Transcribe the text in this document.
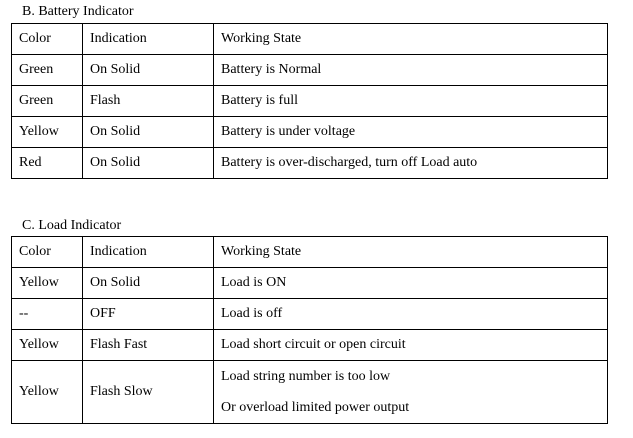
B. Battery Indicator
Color	Indication	Working State
Green	On Solid	Battery is Normal
Green	Flash	Battery is full
Yellow	On Solid	Battery is under voltage
Red	On Solid	Battery is over-discharged, turn off Load auto
C. Load Indicator
Color	Indication	Working State
Yellow	On Solid	Load is ON
--	OFF	Load is off
Yellow	Flash Fast	Load short circuit or open circuit
Yellow	Flash Slow	Load string number is too low
Or overload limited power output
